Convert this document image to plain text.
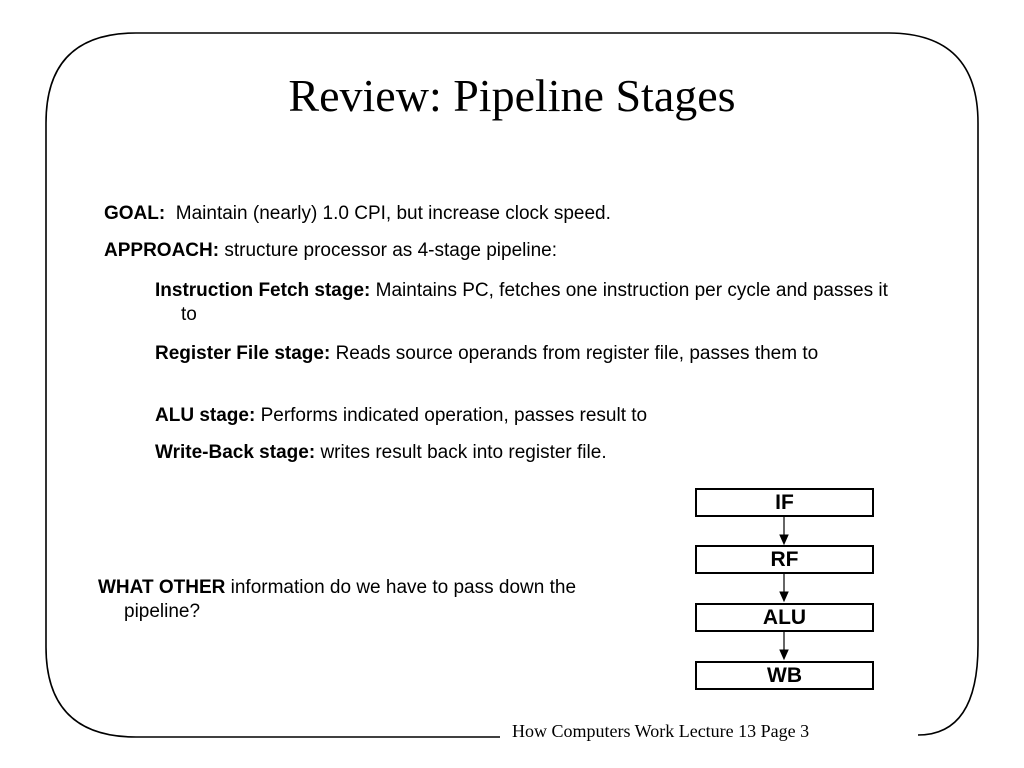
Review: Pipeline Stages

GOAL:  Maintain (nearly) 1.0 CPI, but increase clock speed.

APPROACH: structure processor as 4-stage pipeline:

Instruction Fetch stage: Maintains PC, fetches one instruction per cycle and passes it to

Register File stage: Reads source operands from register file, passes them to

ALU stage: Performs indicated operation, passes result to

Write-Back stage: writes result back into register file.

WHAT OTHER information do we have to pass down the pipeline?

IF
RF
ALU
WB
How Computers Work Lecture 13 Page 3
